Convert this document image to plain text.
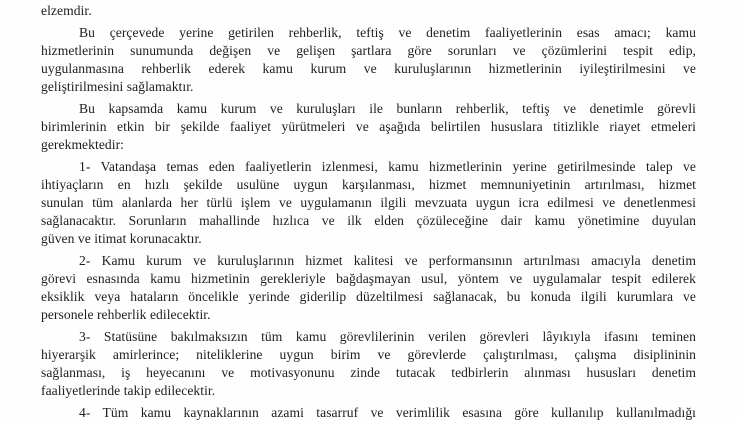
elzemdir.
Bu çerçevede yerine getirilen rehberlik, teftiş ve denetim faaliyetlerinin esas amacı; kamu
hizmetlerinin sunumunda değişen ve gelişen şartlara göre sorunları ve çözümlerini tespit edip,
uygulanmasına rehberlik ederek kamu kurum ve kuruluşlarının hizmetlerinin iyileştirilmesini ve
geliştirilmesini sağlamaktır.
Bu kapsamda kamu kurum ve kuruluşları ile bunların rehberlik, teftiş ve denetimle görevli
birimlerinin etkin bir şekilde faaliyet yürütmeleri ve aşağıda belirtilen hususlara titizlikle riayet etmeleri
gerekmektedir:
1- Vatandaşa temas eden faaliyetlerin izlenmesi, kamu hizmetlerinin yerine getirilmesinde talep ve
ihtiyaçların en hızlı şekilde usulüne uygun karşılanması, hizmet memnuniyetinin artırılması, hizmet
sunulan tüm alanlarda her türlü işlem ve uygulamanın ilgili mevzuata uygun icra edilmesi ve denetlenmesi
sağlanacaktır. Sorunların mahallinde hızlıca ve ilk elden çözüleceğine dair kamu yönetimine duyulan
güven ve itimat korunacaktır.
2- Kamu kurum ve kuruluşlarının hizmet kalitesi ve performansının artırılması amacıyla denetim
görevi esnasında kamu hizmetinin gerekleriyle bağdaşmayan usul, yöntem ve uygulamalar tespit edilerek
eksiklik veya hataların öncelikle yerinde giderilip düzeltilmesi sağlanacak, bu konuda ilgili kurumlara ve
personele rehberlik edilecektir.
3- Statüsüne bakılmaksızın tüm kamu görevlilerinin verilen görevleri lâyıkıyla ifasını teminen
hiyerarşik amirlerince; niteliklerine uygun birim ve görevlerde çalıştırılması, çalışma disiplininin
sağlanması, iş heyecanını ve motivasyonunu zinde tutacak tedbirlerin alınması hususları denetim
faaliyetlerinde takip edilecektir.
4- Tüm kamu kaynaklarının azami tasarruf ve verimlilik esasına göre kullanılıp kullanılmadığı
